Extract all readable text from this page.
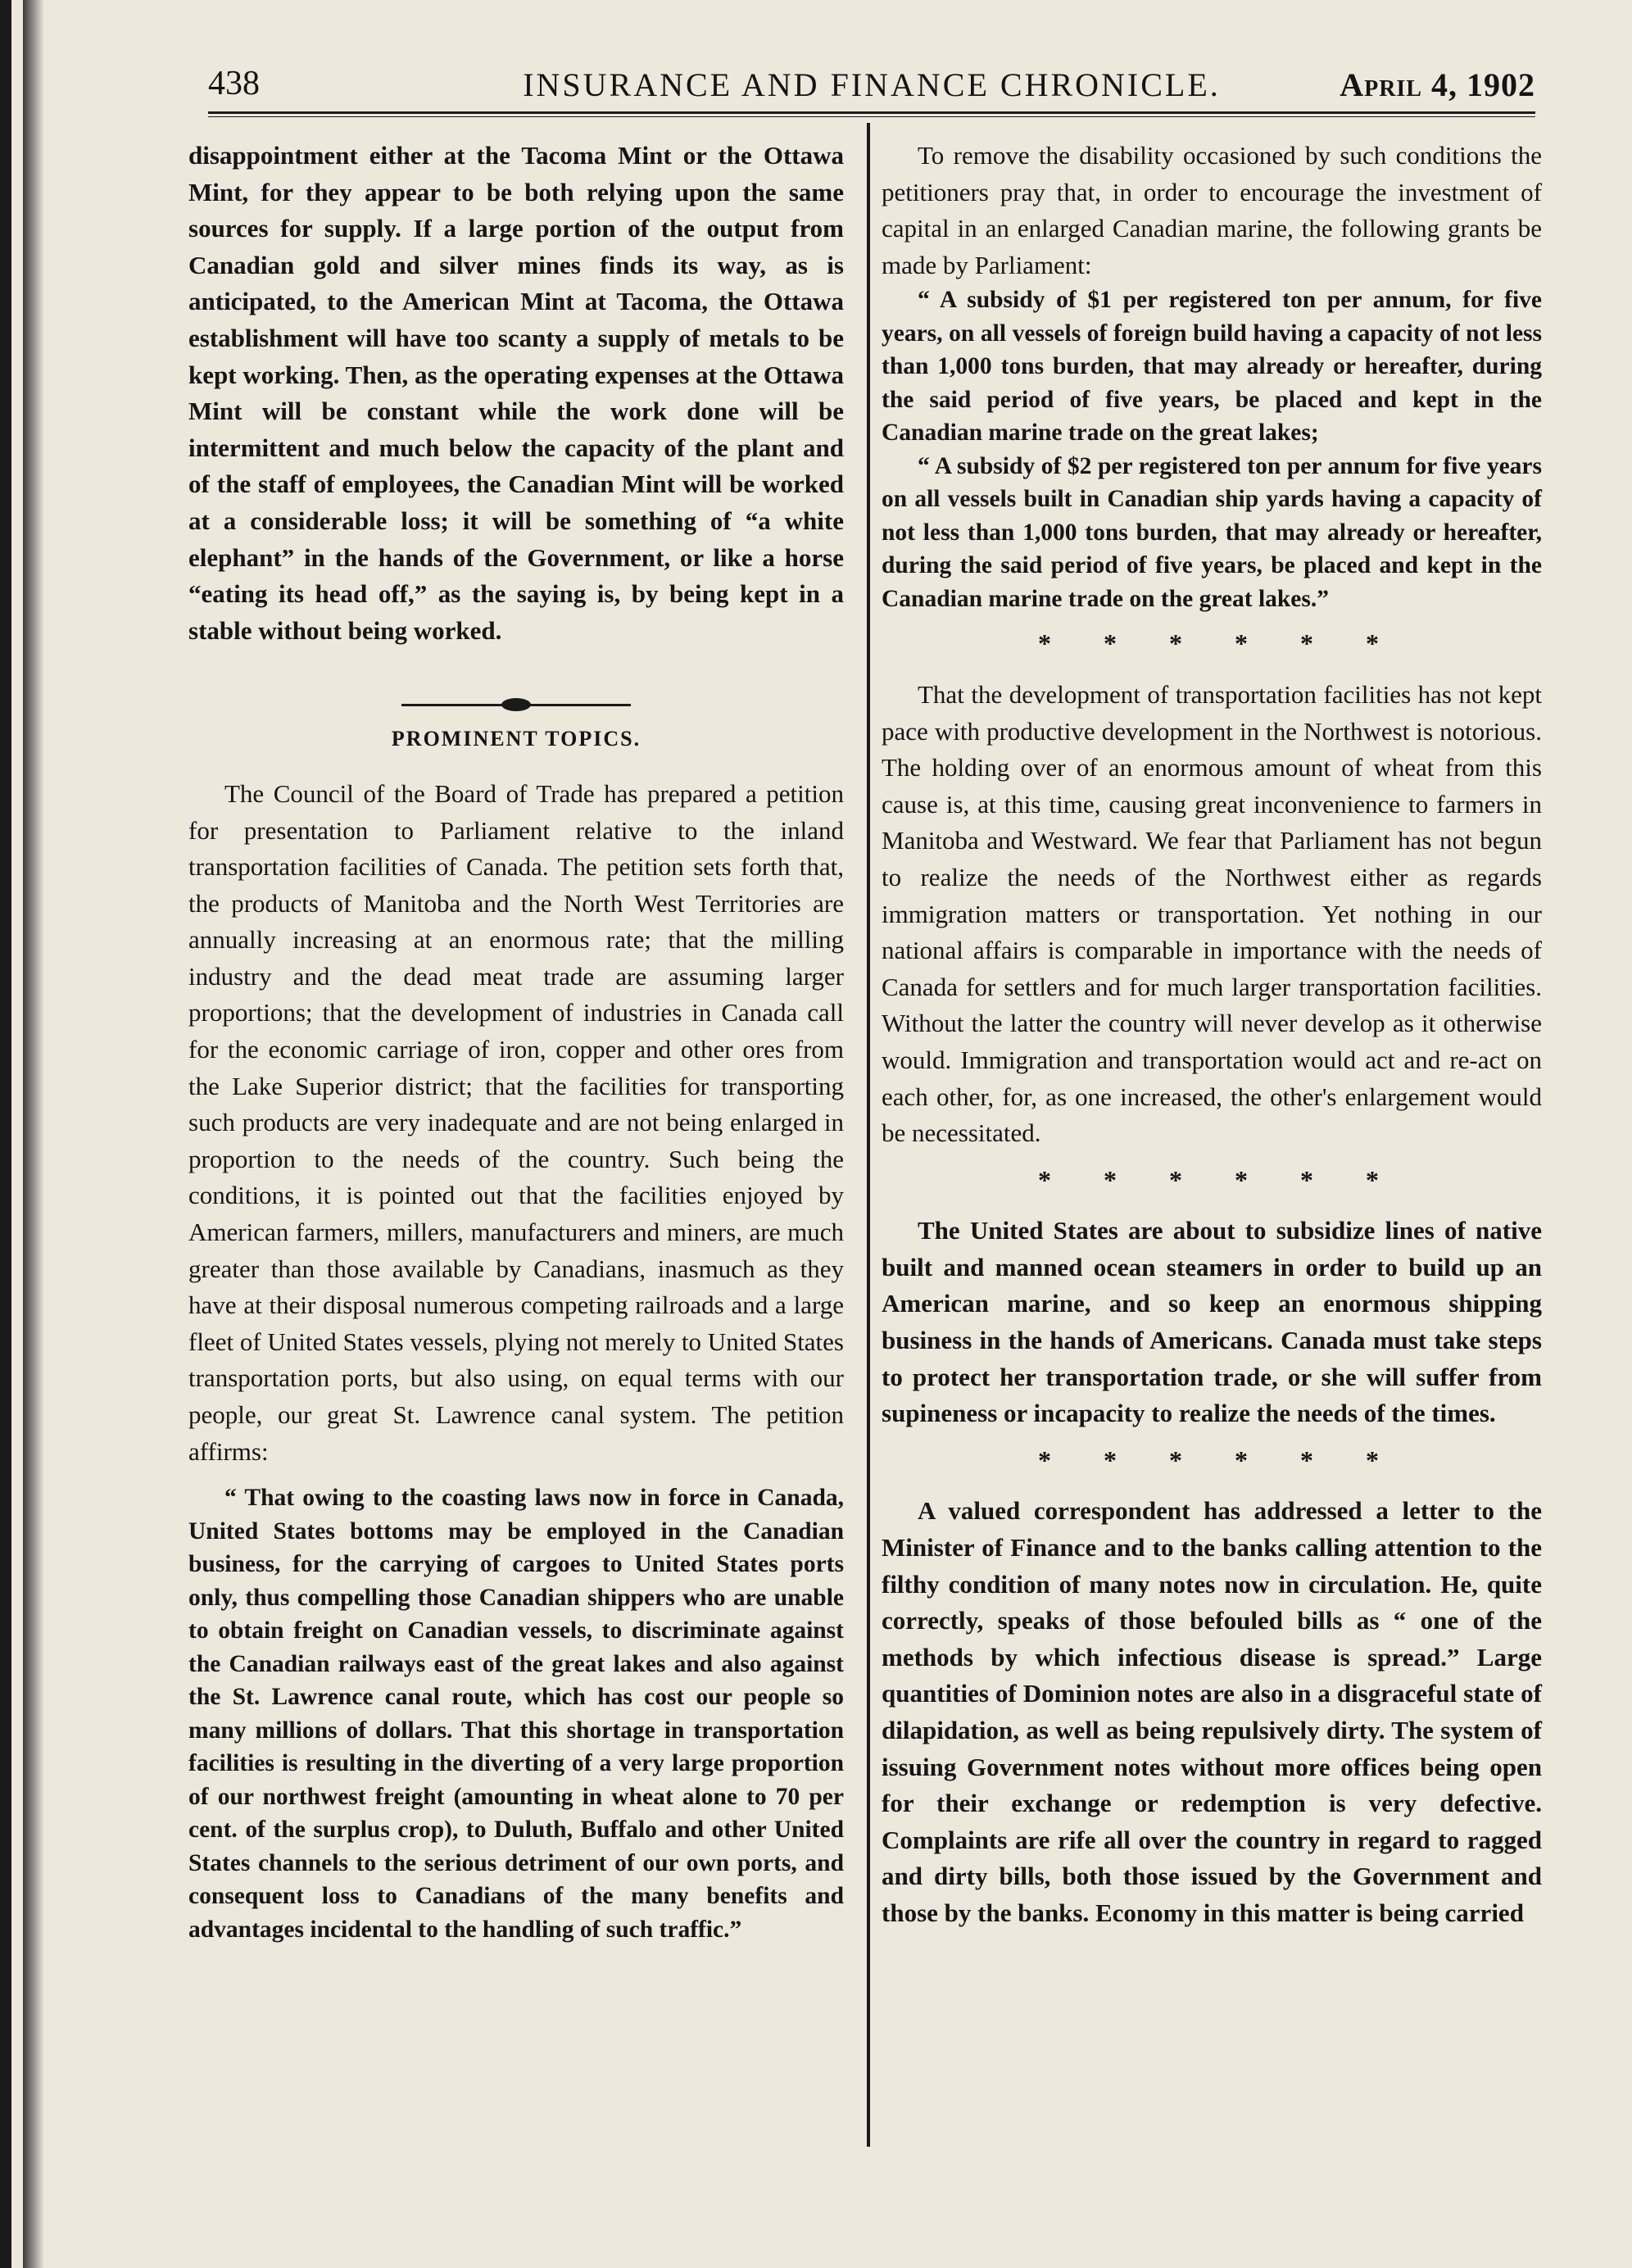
438	INSURANCE AND FINANCE CHRONICLE.	April 4, 1902

disappointment either at the Tacoma Mint or the Ottawa Mint, for they appear to be both relying upon the same sources for supply. If a large portion of the output from Canadian gold and silver mines finds its way, as is anticipated, to the American Mint at Tacoma, the Ottawa establishment will have too scanty a supply of metals to be kept working. Then, as the operating expenses at the Ottawa Mint will be constant while the work done will be intermittent and much below the capacity of the plant and of the staff of employees, the Canadian Mint will be worked at a considerable loss; it will be something of “a white elephant” in the hands of the Government, or like a horse “eating its head off,” as the saying is, by being kept in a stable without being worked.

PROMINENT TOPICS.

The Council of the Board of Trade has prepared a petition for presentation to Parliament relative to the inland transportation facilities of Canada. The petition sets forth that, the products of Manitoba and the North West Territories are annually increasing at an enormous rate; that the milling industry and the dead meat trade are assuming larger proportions; that the development of industries in Canada call for the economic carriage of iron, copper and other ores from the Lake Superior district; that the facilities for transporting such products are very inadequate and are not being enlarged in proportion to the needs of the country. Such being the conditions, it is pointed out that the facilities enjoyed by American farmers, millers, manufacturers and miners, are much greater than those available by Canadians, inasmuch as they have at their disposal numerous competing railroads and a large fleet of United States vessels, plying not merely to United States transportation ports, but also using, on equal terms with our people, our great St. Lawrence canal system. The petition affirms:

“ That owing to the coasting laws now in force in Canada, United States bottoms may be employed in the Canadian business, for the carrying of cargoes to United States ports only, thus compelling those Canadian shippers who are unable to obtain freight on Canadian vessels, to discriminate against the Canadian railways east of the great lakes and also against the St. Lawrence canal route, which has cost our people so many millions of dollars. That this shortage in transportation facilities is resulting in the diverting of a very large proportion of our northwest freight (amounting in wheat alone to 70 per cent. of the surplus crop), to Duluth, Buffalo and other United States channels to the serious detriment of our own ports, and consequent loss to Canadians of the many benefits and advantages incidental to the handling of such traffic.”

To remove the disability occasioned by such conditions the petitioners pray that, in order to encourage the investment of capital in an enlarged Canadian marine, the following grants be made by Parliament:

“ A subsidy of $1 per registered ton per annum, for five years, on all vessels of foreign build having a capacity of not less than 1,000 tons burden, that may already or hereafter, during the said period of five years, be placed and kept in the Canadian marine trade on the great lakes;

“ A subsidy of $2 per registered ton per annum for five years on all vessels built in Canadian ship yards having a capacity of not less than 1,000 tons burden, that may already or hereafter, during the said period of five years, be placed and kept in the Canadian marine trade on the great lakes.”

* * * * * *

That the development of transportation facilities has not kept pace with productive development in the Northwest is notorious. The holding over of an enormous amount of wheat from this cause is, at this time, causing great inconvenience to farmers in Manitoba and Westward. We fear that Parliament has not begun to realize the needs of the Northwest either as regards immigration matters or transportation. Yet nothing in our national affairs is comparable in importance with the needs of Canada for settlers and for much larger transportation facilities. Without the latter the country will never develop as it otherwise would. Immigration and transportation would act and re-act on each other, for, as one increased, the other's enlargement would be necessitated.

* * * * * *

The United States are about to subsidize lines of native built and manned ocean steamers in order to build up an American marine, and so keep an enormous shipping business in the hands of Americans. Canada must take steps to protect her transportation trade, or she will suffer from supineness or incapacity to realize the needs of the times.

* * * * * *

A valued correspondent has addressed a letter to the Minister of Finance and to the banks calling attention to the filthy condition of many notes now in circulation. He, quite correctly, speaks of those befouled bills as “ one of the methods by which infectious disease is spread.” Large quantities of Dominion notes are also in a disgraceful state of dilapidation, as well as being repulsively dirty. The system of issuing Government notes without more offices being open for their exchange or redemption is very defective. Complaints are rife all over the country in regard to ragged and dirty bills, both those issued by the Government and those by the banks. Economy in this matter is being carried
